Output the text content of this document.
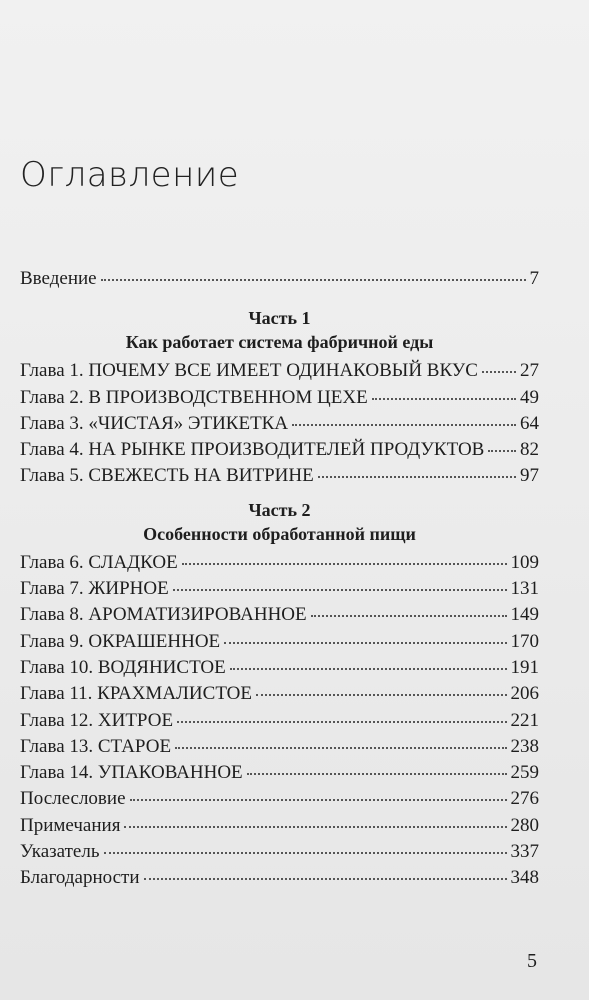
Оглавление
Введение	7
Часть 1
Как работает система фабричной еды
Глава 1. ПОЧЕМУ ВСЕ ИМЕЕТ ОДИНАКОВЫЙ ВКУС 27
Глава 2. В ПРОИЗВОДСТВЕННОМ ЦЕХЕ	49
Глава 3. «ЧИСТАЯ» ЭТИКЕТКА	64
Глава 4. НА РЫНКЕ ПРОИЗВОДИТЕЛЕЙ ПРОДУКТОВ 82
Глава 5. СВЕЖЕСТЬ НА ВИТРИНЕ	97
Часть 2
Особенности обработанной пищи
Глава 6. СЛАДКОЕ	109
Глава 7. ЖИРНОЕ	131
Глава 8. АРОМАТИЗИРОВАННОЕ	149
Глава 9. ОКРАШЕННОЕ	170
Глава 10. ВОДЯНИСТОЕ	191
Глава 11. КРАХМАЛИСТОЕ	206
Глава 12. ХИТРОЕ	221
Глава 13. СТАРОЕ	238
Глава 14. УПАКОВАННОЕ	259
Послесловие	276
Примечания	280
Указатель	337
Благодарности	348
5
